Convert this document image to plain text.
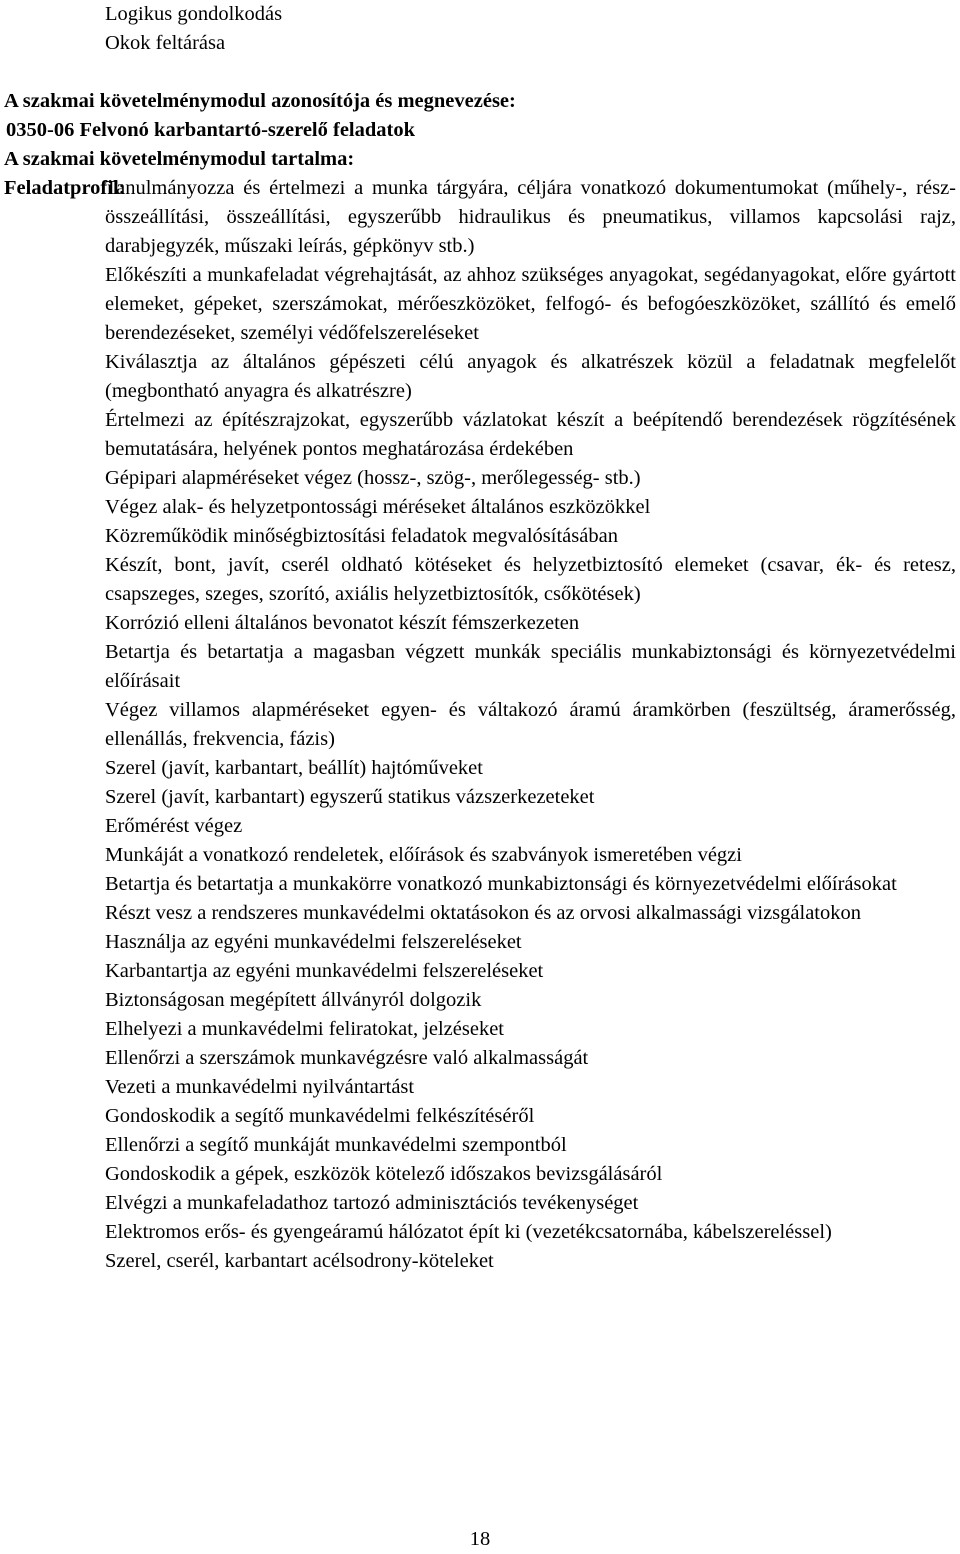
Logikus gondolkodás
Okok feltárása
A szakmai követelménymodul azonosítója és megnevezése:
0350-06 Felvonó karbantartó-szerelő feladatok
A szakmai követelménymodul tartalma:
Feladatprofil:

Tanulmányozza és értelmezi a munka tárgyára, céljára vonatkozó dokumentumokat (műhely-, rész-összeállítási, összeállítási, egyszerűbb hidraulikus és pneumatikus, villamos kapcsolási rajz, darabjegyzék, műszaki leírás, gépkönyv stb.)

Előkészíti a munkafeladat végrehajtását, az ahhoz szükséges anyagokat, segédanyagokat, előre gyártott elemeket, gépeket, szerszámokat, mérőeszközöket, felfogó- és befogóeszközöket, szállító és emelő berendezéseket, személyi védőfelszereléseket

Kiválasztja az általános gépészeti célú anyagok és alkatrészek közül a feladatnak megfelelőt (megbontható anyagra és alkatrészre)

Értelmezi az építészrajzokat, egyszerűbb vázlatokat készít a beépítendő berendezések rögzítésének bemutatására, helyének pontos meghatározása érdekében

Gépipari alapméréseket végez (hossz-, szög-, merőlegesség- stb.)

Végez alak- és helyzetpontossági méréseket általános eszközökkel

Közreműködik minőségbiztosítási feladatok megvalósításában

Készít, bont, javít, cserél oldható kötéseket és helyzetbiztosító elemeket (csavar, ék- és retesz, csapszeges, szeges, szorító, axiális helyzetbiztosítók, csőkötések)

Korrózió elleni általános bevonatot készít fémszerkezeten

Betartja és betartatja a magasban végzett munkák speciális munkabiztonsági és környezetvédelmi előírásait

Végez villamos alapméréseket egyen- és váltakozó áramú áramkörben (feszültség, áramerősség, ellenállás, frekvencia, fázis)

Szerel (javít, karbantart, beállít) hajtóműveket

Szerel (javít, karbantart) egyszerű statikus vázszerkezeteket

Erőmérést végez

Munkáját a vonatkozó rendeletek, előírások és szabványok ismeretében végzi

Betartja és betartatja a munkakörre vonatkozó munkabiztonsági és környezetvédelmi előírásokat

Részt vesz a rendszeres munkavédelmi oktatásokon és az orvosi alkalmassági vizsgálatokon

Használja az egyéni munkavédelmi felszereléseket

Karbantartja az egyéni munkavédelmi felszereléseket

Biztonságosan megépített állványról dolgozik

Elhelyezi a munkavédelmi feliratokat, jelzéseket

Ellenőrzi a szerszámok munkavégzésre való alkalmasságát

Vezeti a munkavédelmi nyilvántartást

Gondoskodik a segítő munkavédelmi felkészítéséről

Ellenőrzi a segítő munkáját munkavédelmi szempontból

Gondoskodik a gépek, eszközök kötelező időszakos bevizsgálásáról

Elvégzi a munkafeladathoz tartozó adminisztációs tevékenységet

Elektromos erős- és gyengeáramú hálózatot épít ki (vezetékcsatornába, kábelszereléssel)

Szerel, cserél, karbantart acélsodrony-köteleket

18
